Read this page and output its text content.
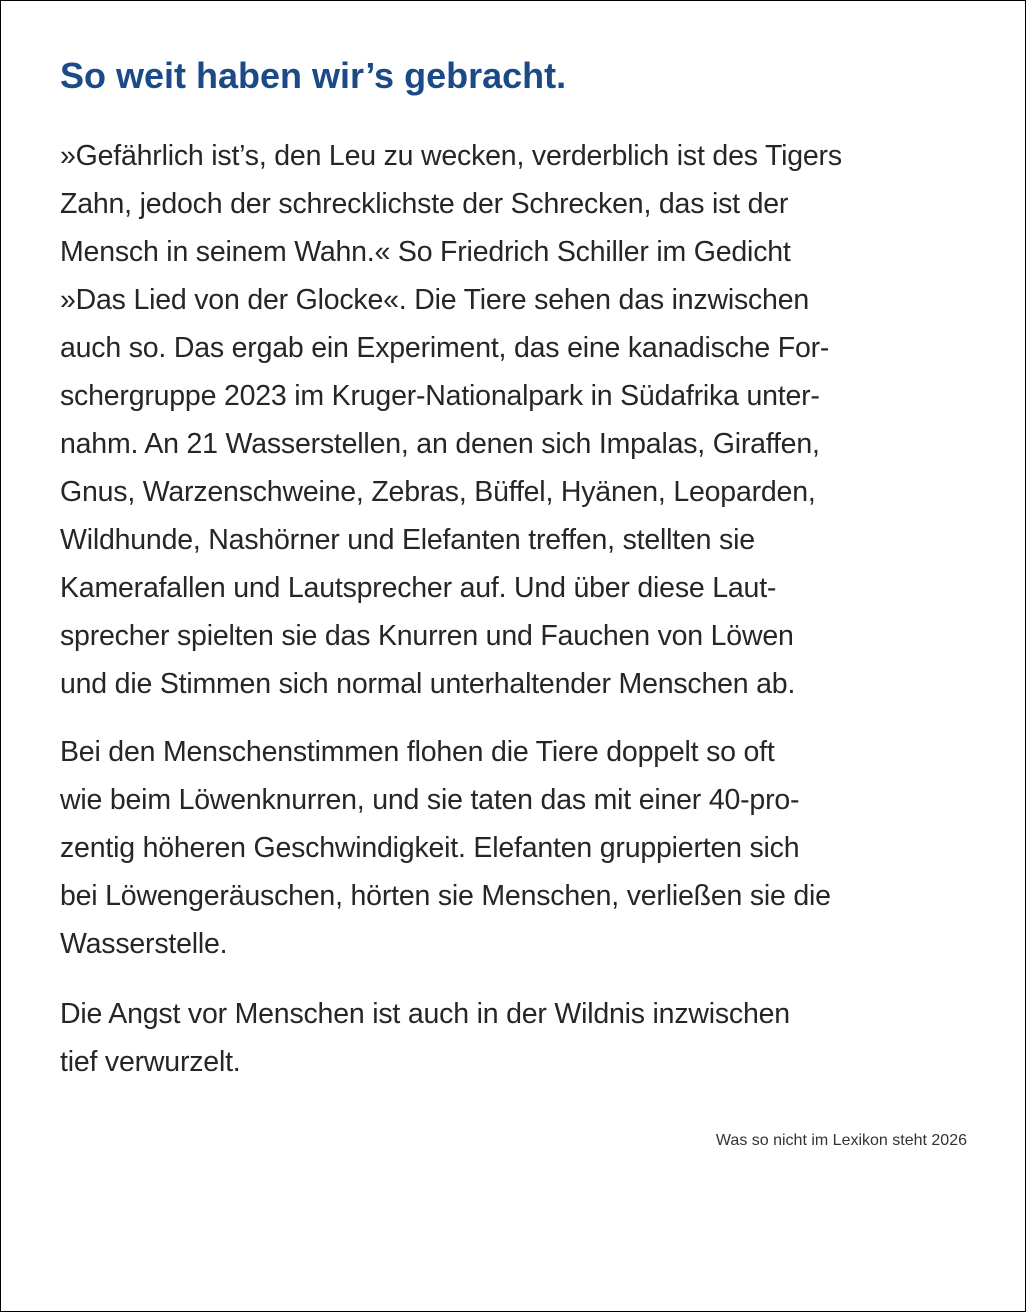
So weit haben wir’s gebracht.
»Gefährlich ist’s, den Leu zu wecken, verderblich ist des Tigers
Zahn, jedoch der schrecklichste der Schrecken, das ist der
Mensch in seinem Wahn.« So Friedrich Schiller im Gedicht
»Das Lied von der Glocke«. Die Tiere sehen das inzwischen
auch so. Das ergab ein Experiment, das eine kanadische For-
schergruppe 2023 im Kruger-Nationalpark in Südafrika unter-
nahm. An 21 Wasserstellen, an denen sich Impalas, Giraffen,
Gnus, Warzenschweine, Zebras, Büffel, Hyänen, Leoparden,
Wildhunde, Nashörner und Elefanten treffen, stellten sie
Kamerafallen und Lautsprecher auf. Und über diese Laut-
sprecher spielten sie das Knurren und Fauchen von Löwen
und die Stimmen sich normal unterhaltender Menschen ab.
Bei den Menschenstimmen flohen die Tiere doppelt so oft
wie beim Löwenknurren, und sie taten das mit einer 40-pro-
zentig höheren Geschwindigkeit. Elefanten gruppierten sich
bei Löwengeräuschen, hörten sie Menschen, verließen sie die
Wasserstelle.
Die Angst vor Menschen ist auch in der Wildnis inzwischen
tief verwurzelt.
Was so nicht im Lexikon steht 2026
